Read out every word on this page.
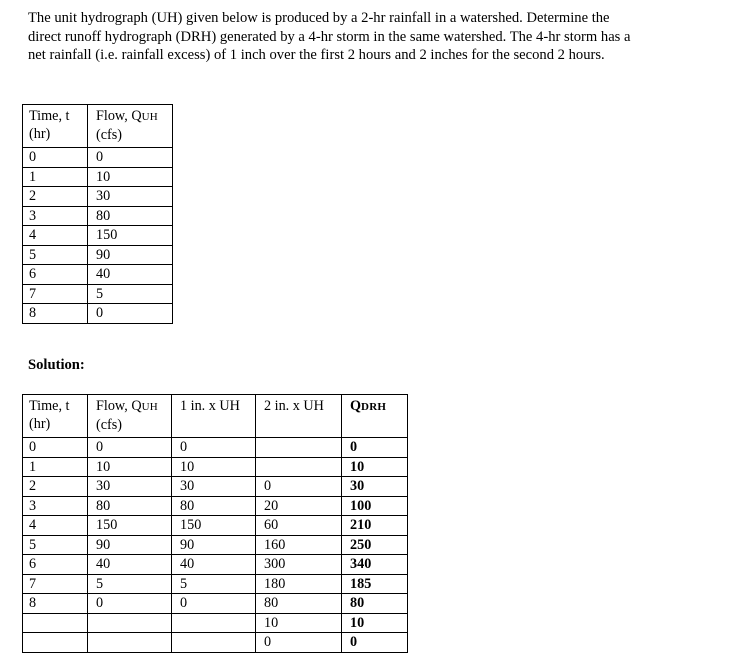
The unit hydrograph (UH) given below is produced by a 2-hr rainfall in a watershed. Determine the
direct runoff hydrograph (DRH) generated by a 4-hr storm in the same watershed. The 4-hr storm has a
net rainfall (i.e. rainfall excess) of 1 inch over the first 2 hours and 2 inches for the second 2 hours.
Time, t
(hr)	Flow, QUH
(cfs)
0	0
1	10
2	30
3	80
4	150
5	90
6	40
7	5
8	0
Solution:
Time, t
(hr)	Flow, QUH
(cfs)	1 in. x UH	2 in. x UH	QDRH
0	0	0		0
1	10	10		10
2	30	30	0	30
3	80	80	20	100
4	150	150	60	210
5	90	90	160	250
6	40	40	300	340
7	5	5	180	185
8	0	0	80	80
			10	10
			0	0
